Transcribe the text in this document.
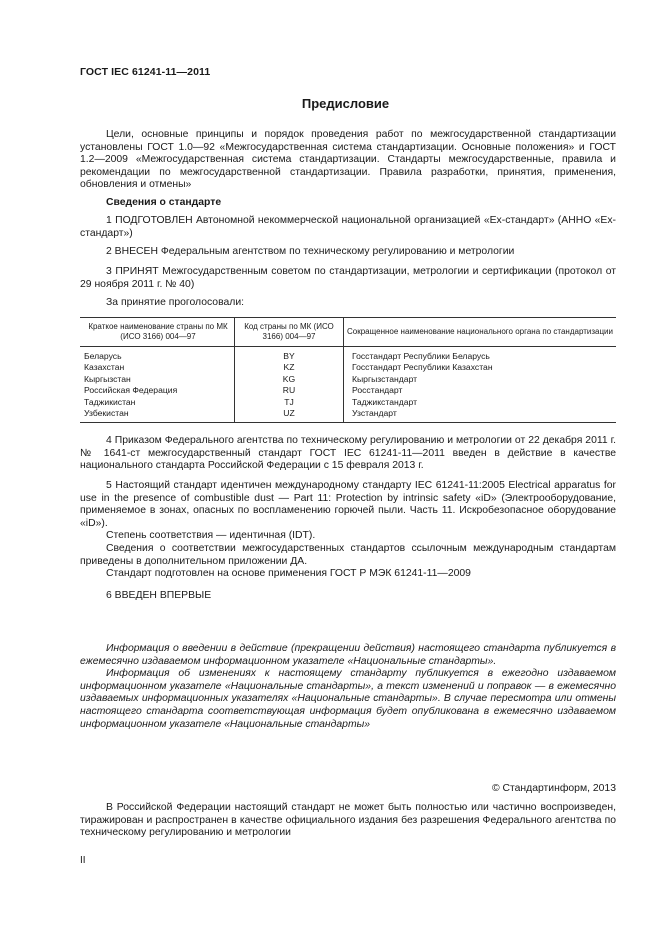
ГОСТ IEC 61241-11—2011
Предисловие

Цели, основные принципы и порядок проведения работ по межгосударственной стандартизации установлены ГОСТ 1.0—92 «Межгосударственная система стандартизации. Основные положения» и ГОСТ 1.2—2009 «Межгосударственная система стандартизации. Стандарты межгосударственные, правила и рекомендации по межгосударственной стандартизации. Правила разработки, принятия, применения, обновления и отмены»

Сведения о стандарте

1 ПОДГОТОВЛЕН Автономной некоммерческой национальной организацией «Ex-стандарт» (АННО «Ex-стандарт»)

2 ВНЕСЕН Федеральным агентством по техническому регулированию и метрологии

3 ПРИНЯТ Межгосударственным советом по стандартизации, метрологии и сертификации (протокол от 29 ноября 2011 г. № 40)

За принятие проголосовали:

Краткое наименование страны по МК (ИСО 3166) 004—97	Код страны по МК (ИСО 3166) 004—97	Сокращенное наименование национального органа по стандартизации
Беларусь	BY	Госстандарт Республики Беларусь
Казахстан	KZ	Госстандарт Республики Казахстан
Кыргызстан	KG	Кыргызстандарт
Российская Федерация	RU	Росстандарт
Таджикистан	TJ	Таджикстандарт
Узбекистан	UZ	Узстандарт

4 Приказом Федерального агентства по техническому регулированию и метрологии от 22 декабря 2011 г. № 1641-ст межгосударственный стандарт ГОСТ IEC 61241-11—2011 введен в действие в качестве национального стандарта Российской Федерации с 15 февраля 2013 г.

5 Настоящий стандарт идентичен международному стандарту IEC 61241-11:2005 Electrical apparatus for use in the presence of combustible dust — Part 11: Protection by intrinsic safety «iD» (Электрооборудование, применяемое в зонах, опасных по воспламенению горючей пыли. Часть 11. Искробезопасное оборудование «iD»).

Степень соответствия — идентичная (IDT).

Сведения о соответствии межгосударственных стандартов ссылочным международным стандартам приведены в дополнительном приложении ДА.

Стандарт подготовлен на основе применения ГОСТ Р МЭК 61241-11—2009

6 ВВЕДЕН ВПЕРВЫЕ

Информация о введении в действие (прекращении действия) настоящего стандарта публикуется в ежемесячно издаваемом информационном указателе «Национальные стандарты».

Информация об изменениях к настоящему стандарту публикуется в ежегодно издаваемом информационном указателе «Национальные стандарты», а текст изменений и поправок — в ежемесячно издаваемых информационных указателях «Национальные стандарты». В случае пересмотра или отмены настоящего стандарта соответствующая информация будет опубликована в ежемесячно издаваемом информационном указателе «Национальные стандарты»

© Стандартинформ, 2013

В Российской Федерации настоящий стандарт не может быть полностью или частично воспроизведен, тиражирован и распространен в качестве официального издания без разрешения Федерального агентства по техническому регулированию и метрологии

II
